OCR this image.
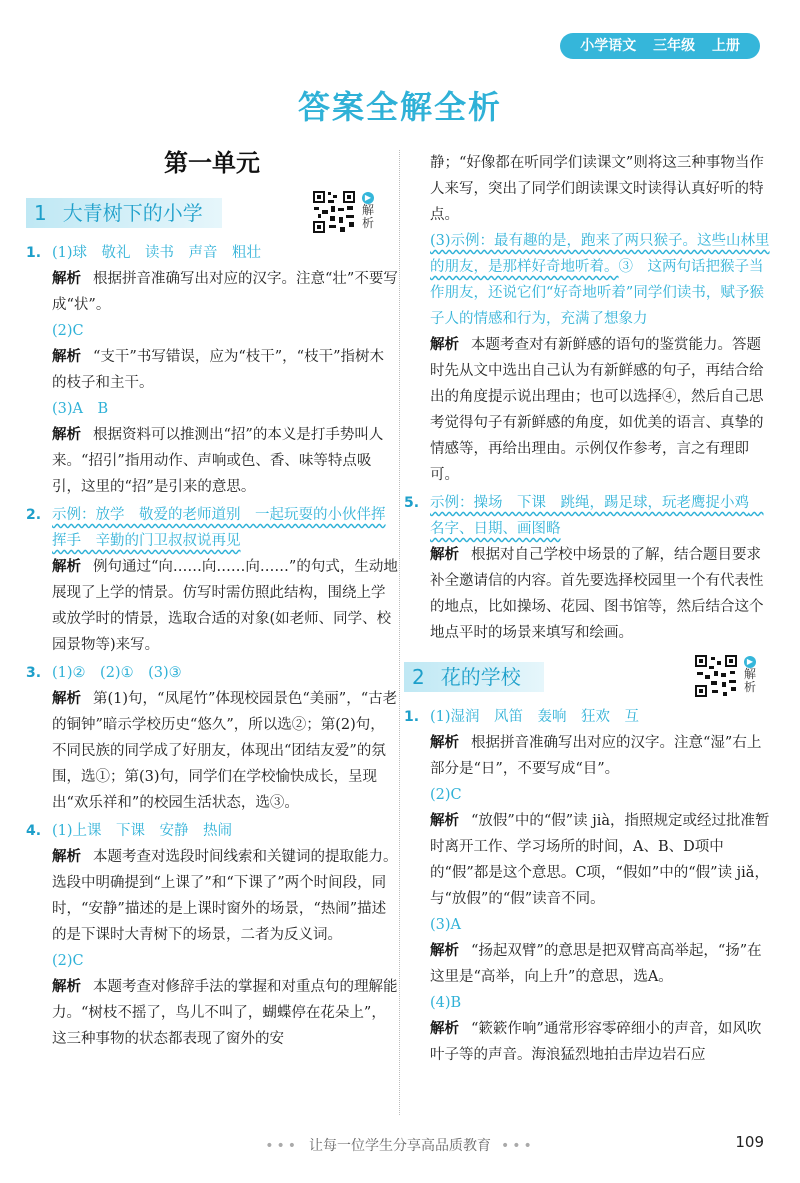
小学语文 三年级 上册
答案全解全析
第一单元
1 大青树下的小学
▶
解析
1. (1)球　敬礼　读书　声音　粗壮

解析 根据拼音准确写出对应的汉字。注意“壮”不要写成“状”。

(2)C

解析 “支干”书写错误，应为“枝干”，“枝干”指树木的枝子和主干。

(3)A　B

解析 根据资料可以推测出“招”的本义是打手势叫人来。“招引”指用动作、声响或色、香、味等特点吸引，这里的“招”是引来的意思。

2. 示例：放学　敬爱的老师道别　一起玩耍的小伙伴挥挥手　辛勤的门卫叔叔说再见

解析 例句通过“向……向……向……”的句式，生动地展现了上学的情景。仿写时需仿照此结构，围绕上学或放学时的情景，选取合适的对象(如老师、同学、校园景物等)来写。

3. (1)②　(2)①　(3)③

解析 第(1)句，“凤尾竹”体现校园景色“美丽”，“古老的铜钟”暗示学校历史“悠久”，所以选②；第(2)句，不同民族的同学成了好朋友，体现出“团结友爱”的氛围，选①；第(3)句，同学们在学校愉快成长，呈现出“欢乐祥和”的校园生活状态，选③。

4. (1)上课　下课　安静　热闹

解析 本题考查对选段时间线索和关键词的提取能力。选段中明确提到“上课了”和“下课了”两个时间段，同时，“安静”描述的是上课时窗外的场景，“热闹”描述的是下课时大青树下的场景，二者为反义词。

(2)C

解析 本题考查对修辞手法的掌握和对重点句的理解能力。“树枝不摇了，鸟儿不叫了，蝴蝶停在花朵上”，这三种事物的状态都表现了窗外的安

静；“好像都在听同学们读课文”则将这三种事物当作人来写，突出了同学们朗读课文时读得认真好听的特点。

(3)示例：最有趣的是，跑来了两只猴子。这些山林里的朋友，是那样好奇地听着。③　这两句话把猴子当作朋友，还说它们“好奇地听着”同学们读书，赋予猴子人的情感和行为，充满了想象力

解析 本题考查对有新鲜感的语句的鉴赏能力。答题时先从文中选出自己认为有新鲜感的句子，再结合给出的角度提示说出理由；也可以选择④，然后自己思考觉得句子有新鲜感的角度，如优美的语言、真挚的情感等，再给出理由。示例仅作参考，言之有理即可。

5. 示例：操场　下课　跳绳，踢足球，玩老鹰捉小鸡　名字、日期、画图略

解析 根据对自己学校中场景的了解，结合题目要求补全邀请信的内容。首先要选择校园里一个有代表性的地点，比如操场、花园、图书馆等，然后结合这个地点平时的场景来填写和绘画。

2 花的学校
▶
解析
1. (1)湿润　风笛　轰响　狂欢　互

解析 根据拼音准确写出对应的汉字。注意“湿”右上部分是“日”，不要写成“目”。

(2)C

解析 “放假”中的“假”读 jià，指照规定或经过批准暂时离开工作、学习场所的时间，A、B、D项中的“假”都是这个意思。C项，“假如”中的“假”读 jiǎ，与“放假”的“假”读音不同。

(3)A

解析 “扬起双臂”的意思是把双臂高高举起，“扬”在这里是“高举，向上升”的意思，选A。

(4)B

解析 “簌簌作响”通常形容零碎细小的声音，如风吹叶子等的声音。海浪猛烈地拍击岸边岩石应

••• 让每一位学生分享高品质教育 •••	109
